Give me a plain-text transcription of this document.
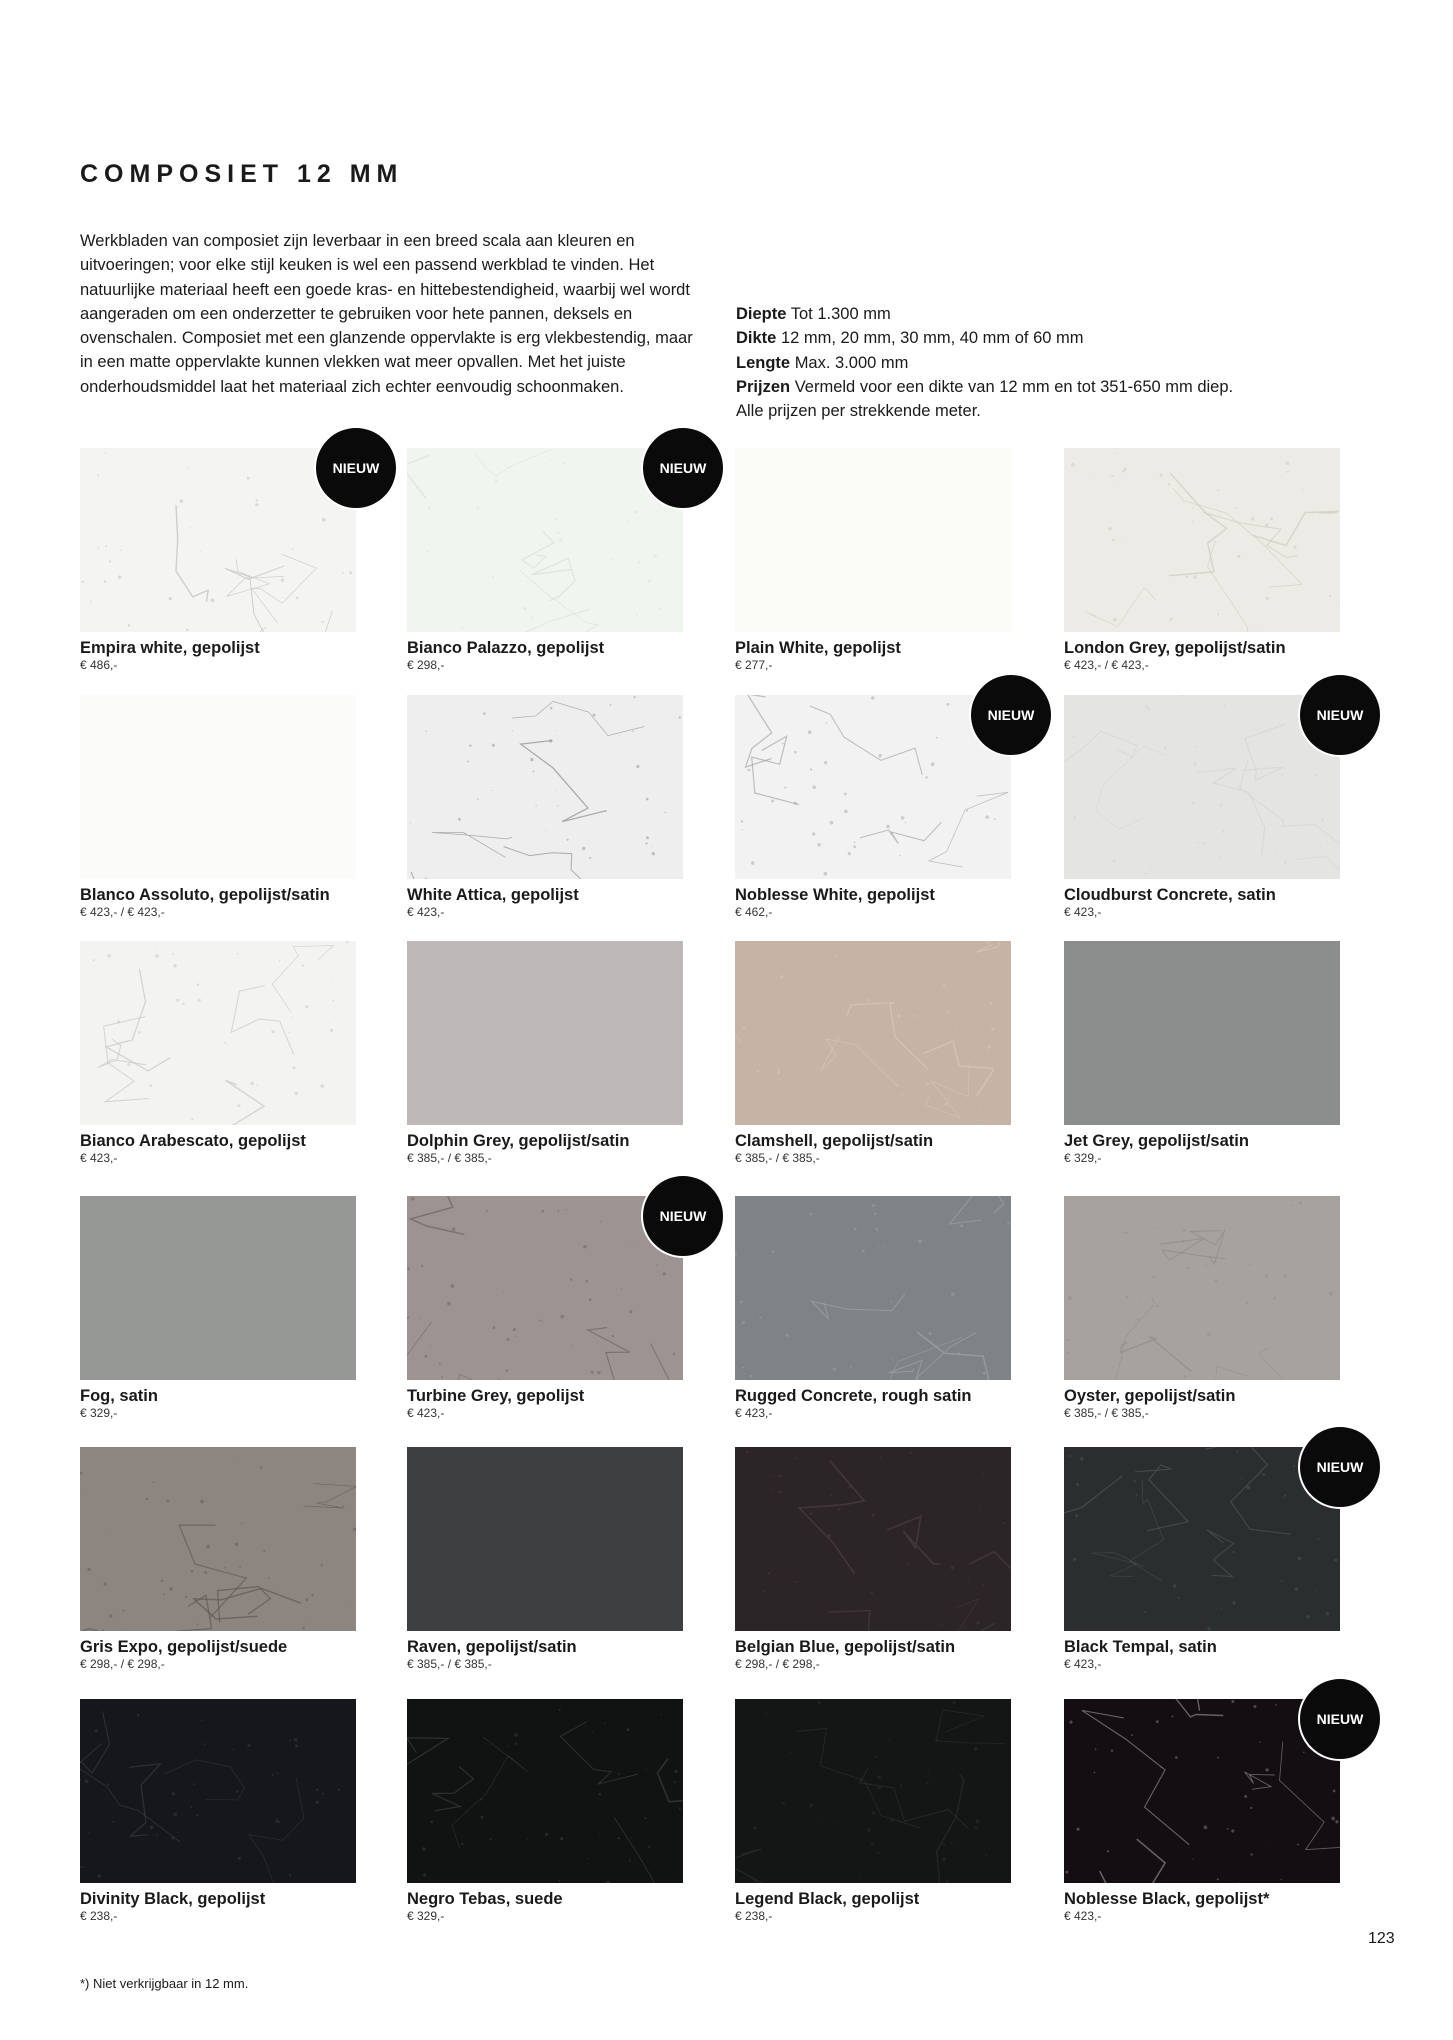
COMPOSIET 12 MM

Werkbladen van composiet zijn leverbaar in een breed scala aan kleuren en uitvoeringen; voor elke stijl keuken is wel een passend werkblad te vinden. Het natuurlijke materiaal heeft een goede kras- en hittebestendigheid, waarbij wel wordt aangeraden om een onderzetter te gebruiken voor hete pannen, deksels en ovenschalen. Composiet met een glanzende oppervlakte is erg vlekbestendig, maar in een matte oppervlakte kunnen vlekken wat meer opvallen. Met het juiste onderhoudsmiddel laat het materiaal zich echter eenvoudig schoonmaken.

Diepte Tot 1.300 mm
Dikte 12 mm, 20 mm, 30 mm, 40 mm of 60 mm
Lengte Max. 3.000 mm
Prijzen Vermeld voor een dikte van 12 mm en tot 351-650 mm diep.
Alle prijzen per strekkende meter.
Empira white, gepolijst
€ 486,-
NIEUW
Bianco Palazzo, gepolijst
€ 298,-
NIEUW
Plain White, gepolijst
€ 277,-
London Grey, gepolijst/satin
€ 423,- / € 423,-
Blanco Assoluto, gepolijst/satin
€ 423,- / € 423,-
White Attica, gepolijst
€ 423,-
Noblesse White, gepolijst
€ 462,-
NIEUW
Cloudburst Concrete, satin
€ 423,-
NIEUW
Bianco Arabescato, gepolijst
€ 423,-
Dolphin Grey, gepolijst/satin
€ 385,- / € 385,-
Clamshell, gepolijst/satin
€ 385,- / € 385,-
Jet Grey, gepolijst/satin
€ 329,-
Fog, satin
€ 329,-
Turbine Grey, gepolijst
€ 423,-
NIEUW
Rugged Concrete, rough satin
€ 423,-
Oyster, gepolijst/satin
€ 385,- / € 385,-
Gris Expo, gepolijst/suede
€ 298,- / € 298,-
Raven, gepolijst/satin
€ 385,- / € 385,-
Belgian Blue, gepolijst/satin
€ 298,- / € 298,-
Black Tempal, satin
€ 423,-
NIEUW
Divinity Black, gepolijst
€ 238,-
Negro Tebas, suede
€ 329,-
Legend Black, gepolijst
€ 238,-
Noblesse Black, gepolijst*
€ 423,-
NIEUW
*) Niet verkrijgbaar in 12 mm.
123
